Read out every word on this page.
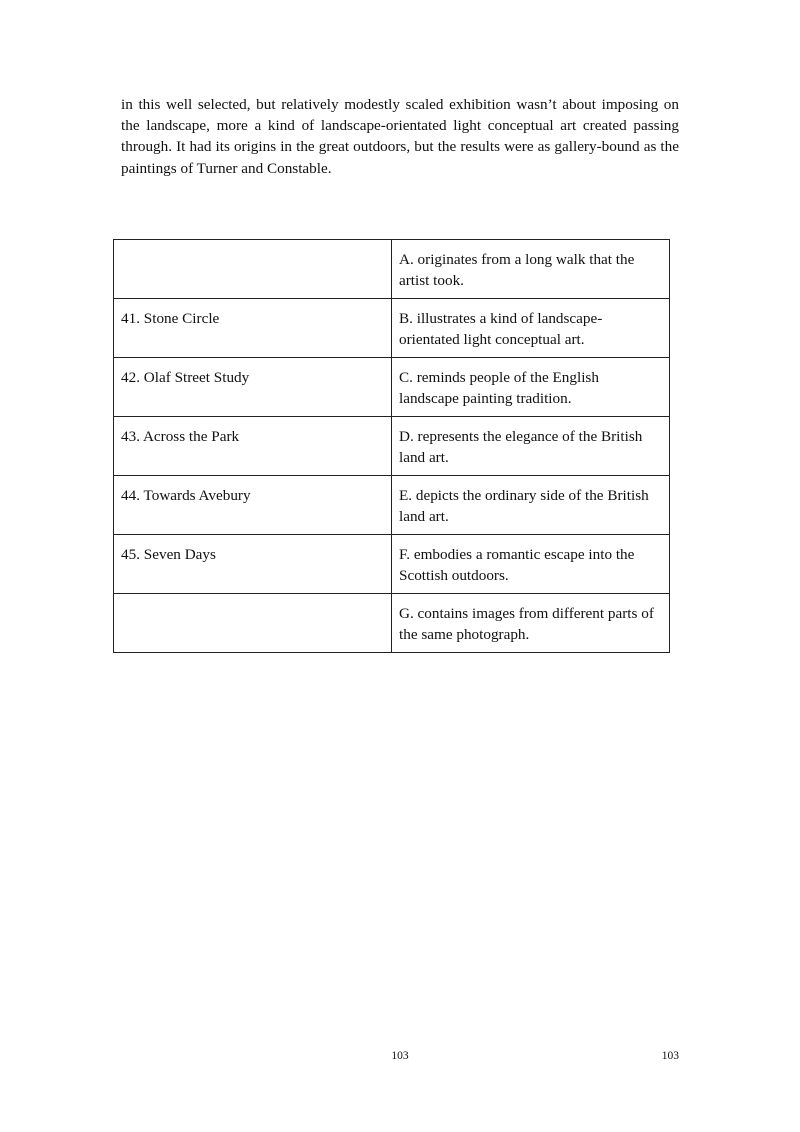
in this well selected, but relatively modestly scaled exhibition wasn’t about imposing on the landscape, more a kind of landscape-orientated light conceptual art created passing through. It had its origins in the great outdoors, but the results were as gallery-bound as the paintings of Turner and Constable.

	A. originates from a long walk that the artist took.
41. Stone Circle	B. illustrates a kind of landscape-orientated light conceptual art.
42. Olaf Street Study	C. reminds people of the English landscape painting tradition.
43. Across the Park	D. represents the elegance of the British land art.
44. Towards Avebury	E. depicts the ordinary side of the British land art.
45. Seven Days	F. embodies a romantic escape into the Scottish outdoors.
	G. contains images from different parts of the same photograph.
103	103
